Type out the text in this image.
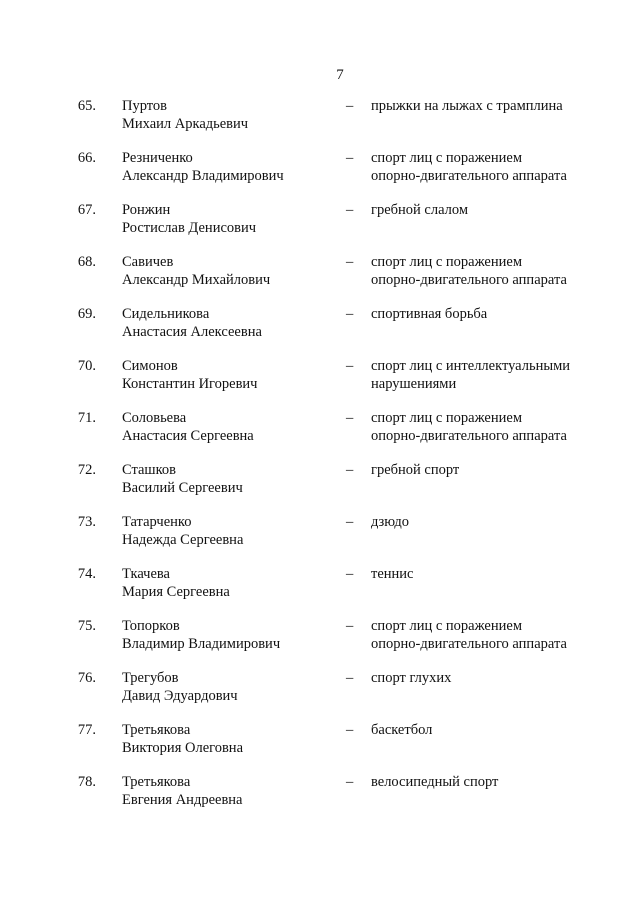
7
65. Пуртов
Михаил Аркадьевич
– прыжки на лыжах с трамплина
66. Резниченко
Александр Владимирович
– спорт лиц с поражением
опорно-двигательного аппарата
67. Ронжин
Ростислав Денисович
– гребной слалом
68. Савичев
Александр Михайлович
– спорт лиц с поражением
опорно-двигательного аппарата
69. Сидельникова
Анастасия Алексеевна
– спортивная борьба
70. Симонов
Константин Игоревич
– спорт лиц с интеллектуальными
нарушениями
71. Соловьева
Анастасия Сергеевна
– спорт лиц с поражением
опорно-двигательного аппарата
72. Сташков
Василий Сергеевич
– гребной спорт
73. Татарченко
Надежда Сергеевна
– дзюдо
74. Ткачева
Мария Сергеевна
– теннис
75. Топорков
Владимир Владимирович
– спорт лиц с поражением
опорно-двигательного аппарата
76. Трегубов
Давид Эдуардович
– спорт глухих
77. Третьякова
Виктория Олеговна
– баскетбол
78. Третьякова
Евгения Андреевна
– велосипедный спорт
